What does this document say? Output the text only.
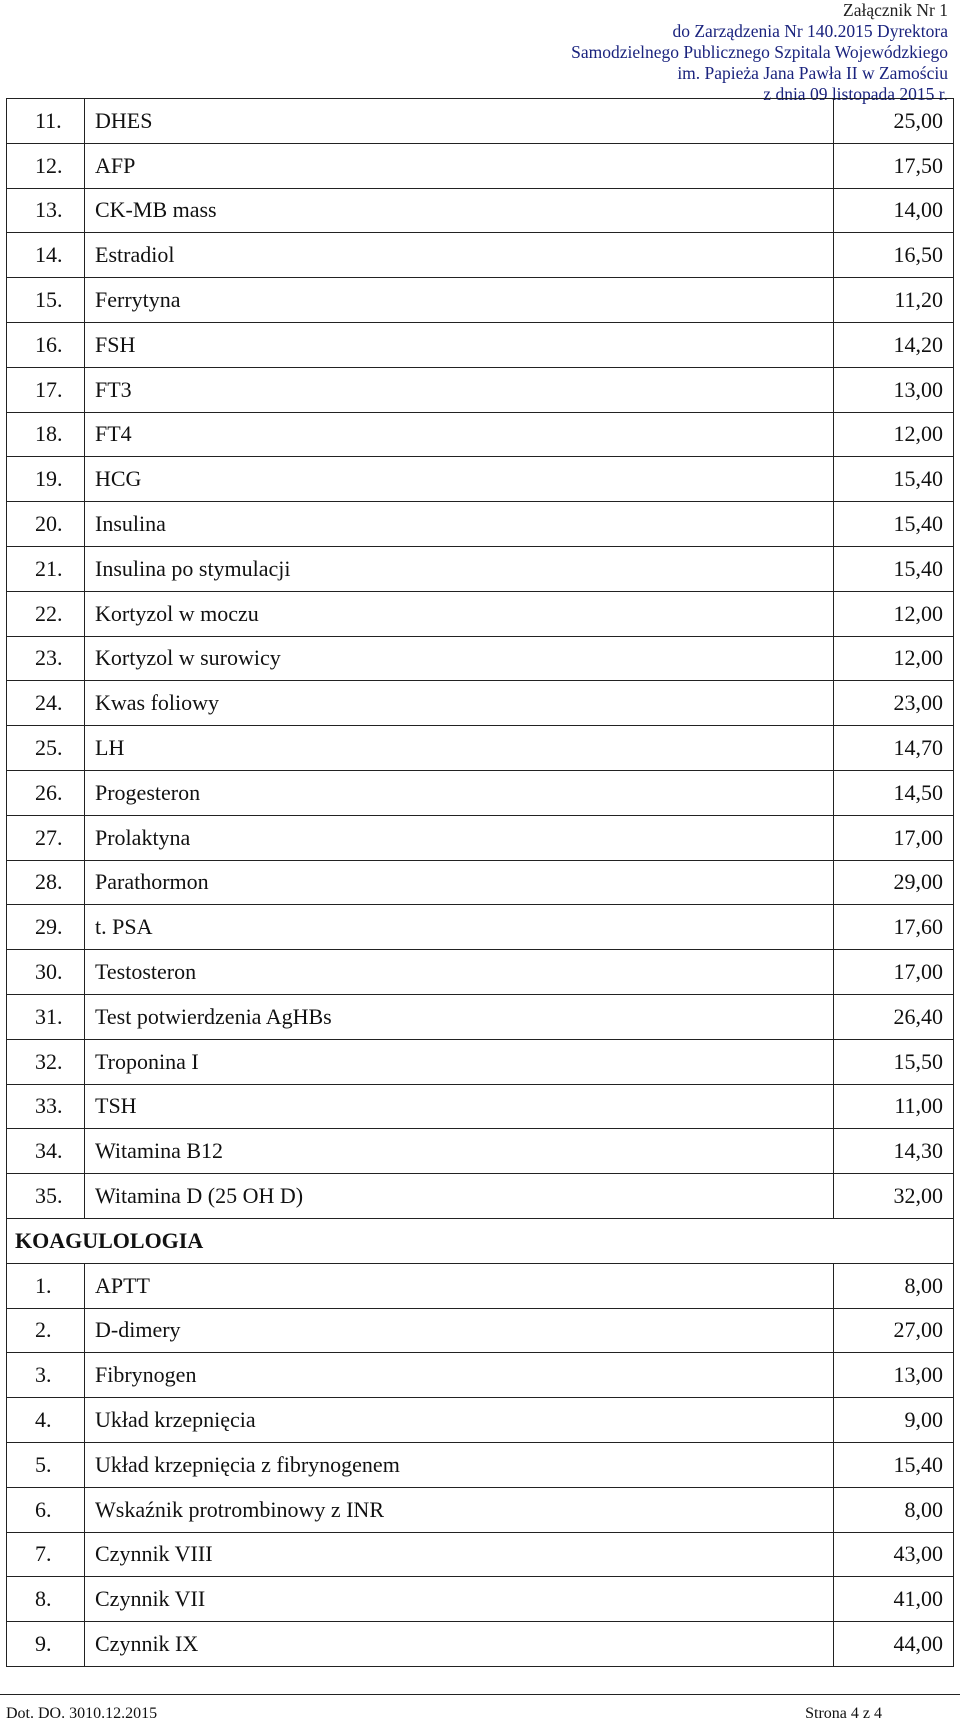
Załącznik Nr 1
do Zarządzenia Nr 140.2015 Dyrektora
Samodzielnego Publicznego Szpitala Wojewódzkiego
im. Papieża Jana Pawła II w Zamościu
z dnia 09 listopada 2015 r.
11.	DHES	25,00
12.	AFP	17,50
13.	CK-MB mass	14,00
14.	Estradiol	16,50
15.	Ferrytyna	11,20
16.	FSH	14,20
17.	FT3	13,00
18.	FT4	12,00
19.	HCG	15,40
20.	Insulina	15,40
21.	Insulina po stymulacji	15,40
22.	Kortyzol w moczu	12,00
23.	Kortyzol w surowicy	12,00
24.	Kwas foliowy	23,00
25.	LH	14,70
26.	Progesteron	14,50
27.	Prolaktyna	17,00
28.	Parathormon	29,00
29.	t. PSA	17,60
30.	Testosteron	17,00
31.	Test potwierdzenia AgHBs	26,40
32.	Troponina I	15,50
33.	TSH	11,00
34.	Witamina B12	14,30
35.	Witamina D (25 OH D)	32,00
KOAGULOLOGIA		
1.	APTT	8,00
2.	D-dimery	27,00
3.	Fibrynogen	13,00
4.	Układ krzepnięcia	9,00
5.	Układ krzepnięcia z fibrynogenem	15,40
6.	Wskaźnik protrombinowy z INR	8,00
7.	Czynnik VIII	43,00
8.	Czynnik VII	41,00
9.	Czynnik IX	44,00
Dot. DO. 3010.12.2015	Strona 4 z 4
